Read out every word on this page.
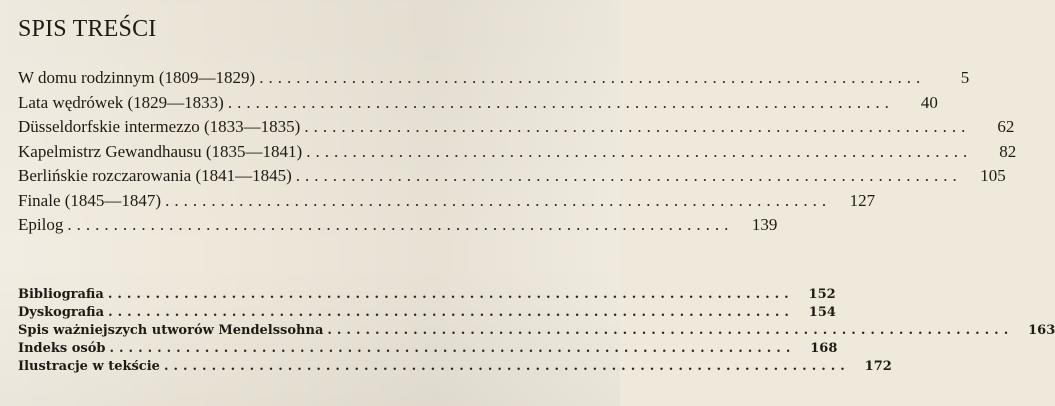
SPIS TREŚCI
W domu rodzinnym (1809—1829) ........................................................................	5
Lata wędrówek (1829—1833) ........................................................................	40
Düsseldorfskie intermezzo (1833—1835) ........................................................................	62
Kapelmistrz Gewandhausu (1835—1841) ........................................................................	82
Berlińskie rozczarowania (1841—1845) ........................................................................	105
Finale (1845—1847) ........................................................................	127
Epilog ........................................................................	139
Bibliografia ........................................................................	152
Dyskografia ........................................................................	154
Spis ważniejszych utworów Mendelssohna ........................................................................	163
Indeks osób ........................................................................	168
Ilustracje w tekście ........................................................................	172
